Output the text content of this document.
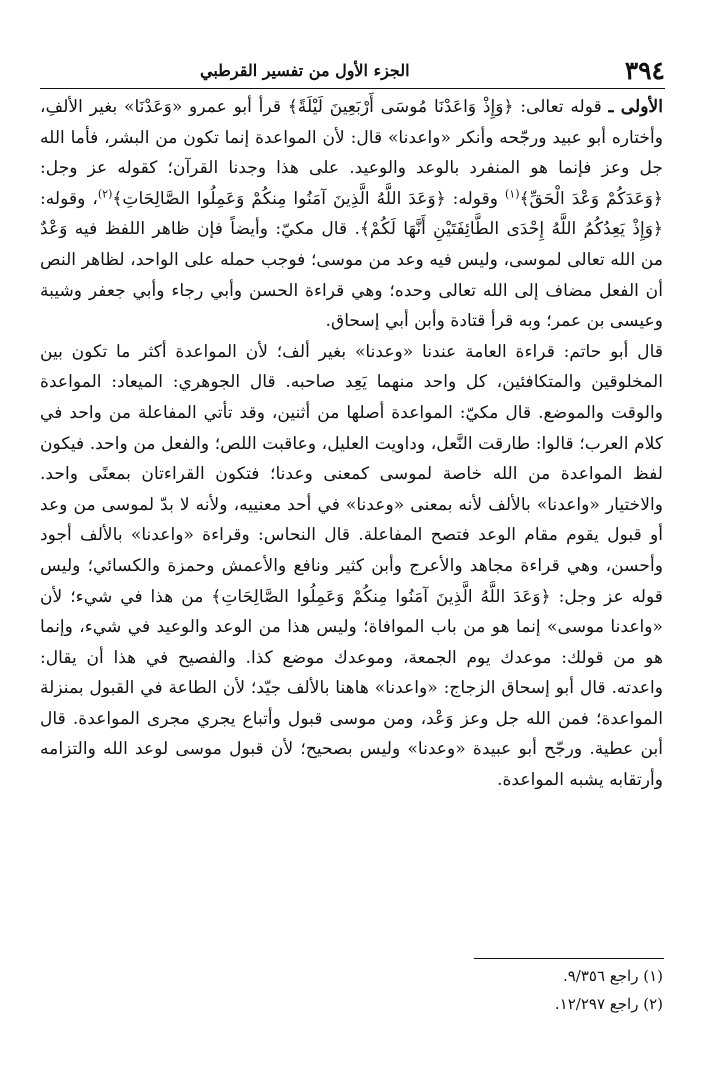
٣٩٤
الجزء الأول من تفسير القرطبي

الأولى ـ قوله تعالى: ﴿وَإِذْ وَاعَدْنَا مُوسَى أَرْبَعِينَ لَيْلَةً﴾ قرأ أبو عمرو «وَعَدْنَا» بغير الألفِ، وأختاره أبو عبيد ورجّحه وأنكر «واعدنا» قال: لأن المواعدة إنما تكون من البشر، فأما الله جل وعز فإنما هو المنفرد بالوعد والوعيد. على هذا وجدنا القرآن؛ كقوله عز وجل: ﴿وَعَدَكُمْ وَعْدَ الْحَقِّ﴾$^{(١)}$ وقوله: ﴿وَعَدَ اللَّهُ الَّذِينَ آمَنُوا مِنكُمْ وَعَمِلُوا الصَّالِحَاتِ﴾$^{(٢)}$، وقوله: ﴿وَإِذْ يَعِدُكُمُ اللَّهُ إِحْدَى الطَّائِفَتَيْنِ أَنَّهَا لَكُمْ﴾. قال مكيّ: وأيضاً فإن ظاهر اللفظ فيه وَعْدٌ من الله تعالى لموسى، وليس فيه وعد من موسى؛ فوجب حمله على الواحد، لظاهر النص أن الفعل مضاف إلى الله تعالى وحده؛ وهي قراءة الحسن وأبي رجاء وأبي جعفر وشيبة وعيسى بن عمر؛ وبه قرأ قتادة وأبن أبي إسحاق.

قال أبو حاتم: قراءة العامة عندنا «وعدنا» بغير ألف؛ لأن المواعدة أكثر ما تكون بين المخلوقين والمتكافئين، كل واحد منهما يَعِد صاحبه. قال الجوهري: الميعاد: المواعدة والوقت والموضع. قال مكيّ: المواعدة أصلها من أثنين، وقد تأتي المفاعلة من واحد في كلام العرب؛ قالوا: طارقت النَّعل، وداويت العليل، وعاقبت اللص؛ والفعل من واحد. فيكون لفظ المواعدة من الله خاصة لموسى كمعنى وعدنا؛ فتكون القراءتان بمعنًى واحد. والاختيار «واعدنا» بالألف لأنه بمعنى «وعدنا» في أحد معنييه، ولأنه لا بدّ لموسى من وعد أو قبول يقوم مقام الوعد فتصح المفاعلة. قال النحاس: وقراءة «واعدنا» بالألف أجود وأحسن، وهي قراءة مجاهد والأعرج وأبن كثير ونافع والأعمش وحمزة والكسائي؛ وليس قوله عز وجل: ﴿وَعَدَ اللَّهُ الَّذِينَ آمَنُوا مِنكُمْ وَعَمِلُوا الصَّالِحَاتِ﴾ من هذا في شيء؛ لأن «واعدنا موسى» إنما هو من باب الموافاة؛ وليس هذا من الوعد والوعيد في شيء، وإنما هو من قولك: موعدك يوم الجمعة، وموعدك موضع كذا. والفصيح في هذا أن يقال: واعدته. قال أبو إسحاق الزجاج: «واعدنا» هاهنا بالألف جيّد؛ لأن الطاعة في القبول بمنزلة المواعدة؛ فمن الله جل وعز وَعْد، ومن موسى قبول وأتباع يجري مجرى المواعدة. قال أبن عطية. ورجّح أبو عبيدة «وعدنا» وليس بصحيح؛ لأن قبول موسى لوعد الله والتزامه وأرتقابه يشبه المواعدة.

(١) راجع ٩/٣٥٦.
(٢) راجع ١٢/٢٩٧.
